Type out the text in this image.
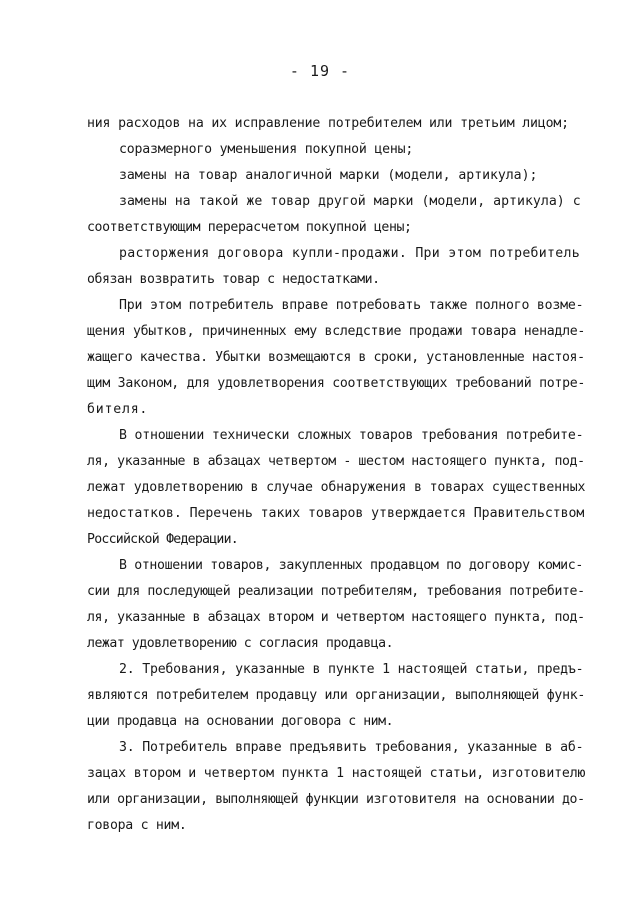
- 19 -
ния расходов на их исправление потребителем или третьим лицом;
соразмерного уменьшения покупной цены;
замены на товар аналогичной марки (модели, артикула);
замены на такой же товар другой марки (модели, артикула) с
соответствующим перерасчетом покупной цены;
расторжения договора купли-продажи. При этом потребитель
обязан возвратить товар с недостатками.
При этом потребитель вправе потребовать также полного возме-
щения убытков, причиненных ему вследствие продажи товара ненадле-
жащего качества. Убытки возмещаются в сроки, установленные настоя-
щим Законом, для удовлетворения соответствующих требований потре-
бителя.
В отношении технически сложных товаров требования потребите-
ля, указанные в абзацах четвертом - шестом настоящего пункта, под-
лежат удовлетворению в случае обнаружения в товарах существенных
недостатков. Перечень таких товаров утверждается Правительством
Российской Федерации.
В отношении товаров, закупленных продавцом по договору комис-
сии для последующей реализации потребителям, требования потребите-
ля, указанные в абзацах втором и четвертом настоящего пункта, под-
лежат удовлетворению с согласия продавца.
2. Требования, указанные в пункте 1 настоящей статьи, предъ-
являются потребителем продавцу или организации, выполняющей функ-
ции продавца на основании договора с ним.
3. Потребитель вправе предъявить требования, указанные в аб-
зацах втором и четвертом пункта 1 настоящей статьи, изготовителю
или организации, выполняющей функции изготовителя на основании до-
говора с ним.
